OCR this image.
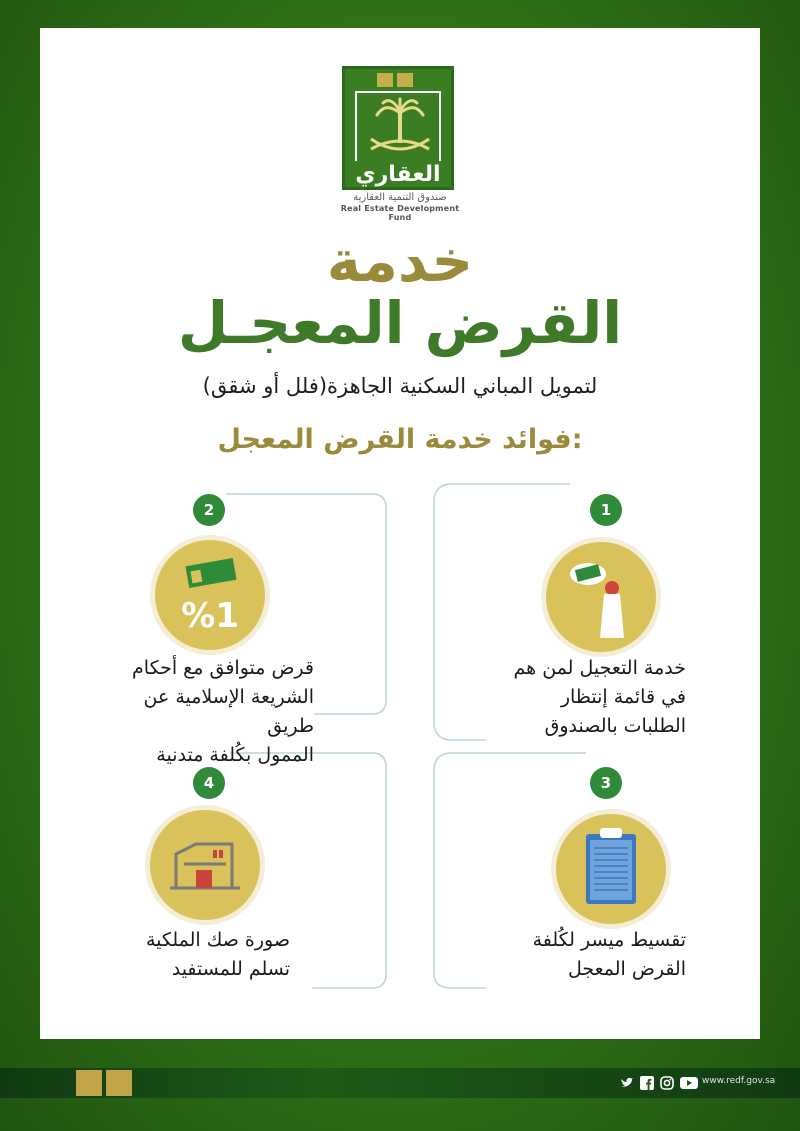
العقاري
صندوق التنمية العقارية
Real Estate Development Fund
خدمة
القرض المعجـل
لتمويل المباني السكنية الجاهزة(فلل أو شقق)
فوائد خدمة القرض المعجل:
1
خدمة التعجيل لمن هم
في قائمة إنتظار
الطلبات بالصندوق
2
%1
قرض متوافق مع أحكام
الشريعة الإسلامية عن طريق
الممول بكُلفة متدنية
3
تقسيط ميسر لكُلفة
القرض المعجل
4
صورة صك الملكية
تسلم للمستفيد
www.redf.gov.sa
